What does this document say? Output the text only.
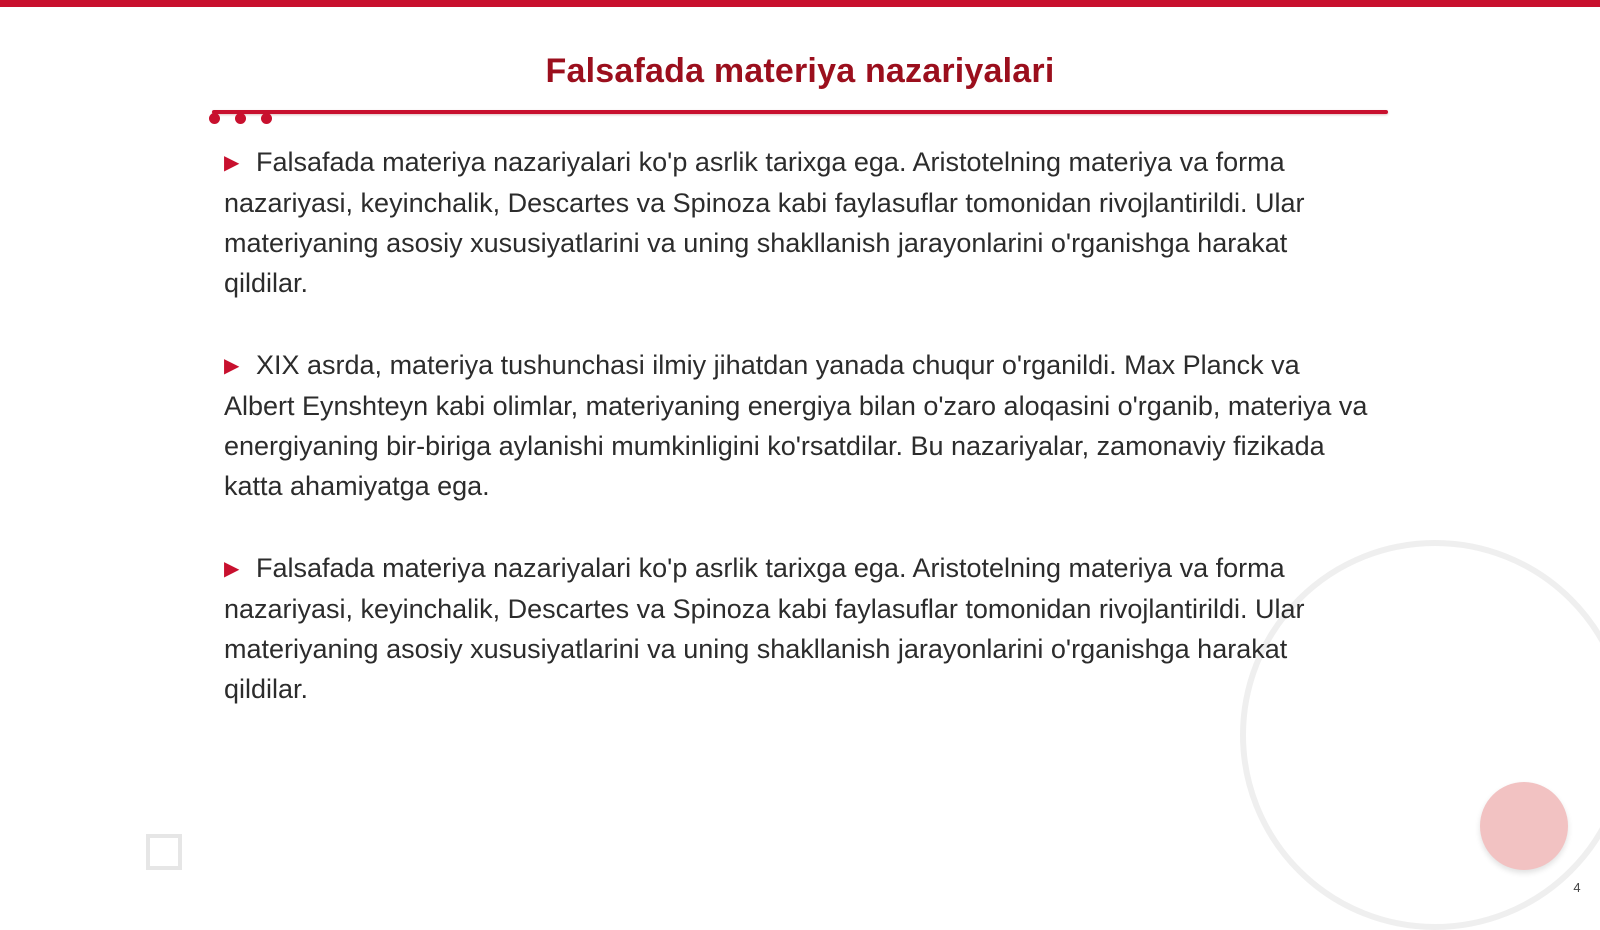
Falsafada materiya nazariyalari

▶ Falsafada materiya nazariyalari ko'p asrlik tarixga ega. Aristotelning materiya va forma nazariyasi, keyinchalik, Descartes va Spinoza kabi faylasuflar tomonidan rivojlantirildi. Ular materiyaning asosiy xususiyatlarini va uning shakllanish jarayonlarini o'rganishga harakat qildilar.

▶ XIX asrda, materiya tushunchasi ilmiy jihatdan yanada chuqur o'rganildi. Max Planck va Albert Eynshteyn kabi olimlar, materiyaning energiya bilan o'zaro aloqasini o'rganib, materiya va energiyaning bir-biriga aylanishi mumkinligini ko'rsatdilar. Bu nazariyalar, zamonaviy fizikada katta ahamiyatga ega.

▶ Falsafada materiya nazariyalari ko'p asrlik tarixga ega. Aristotelning materiya va forma nazariyasi, keyinchalik, Descartes va Spinoza kabi faylasuflar tomonidan rivojlantirildi. Ular materiyaning asosiy xususiyatlarini va uning shakllanish jarayonlarini o'rganishga harakat qildilar.

4
